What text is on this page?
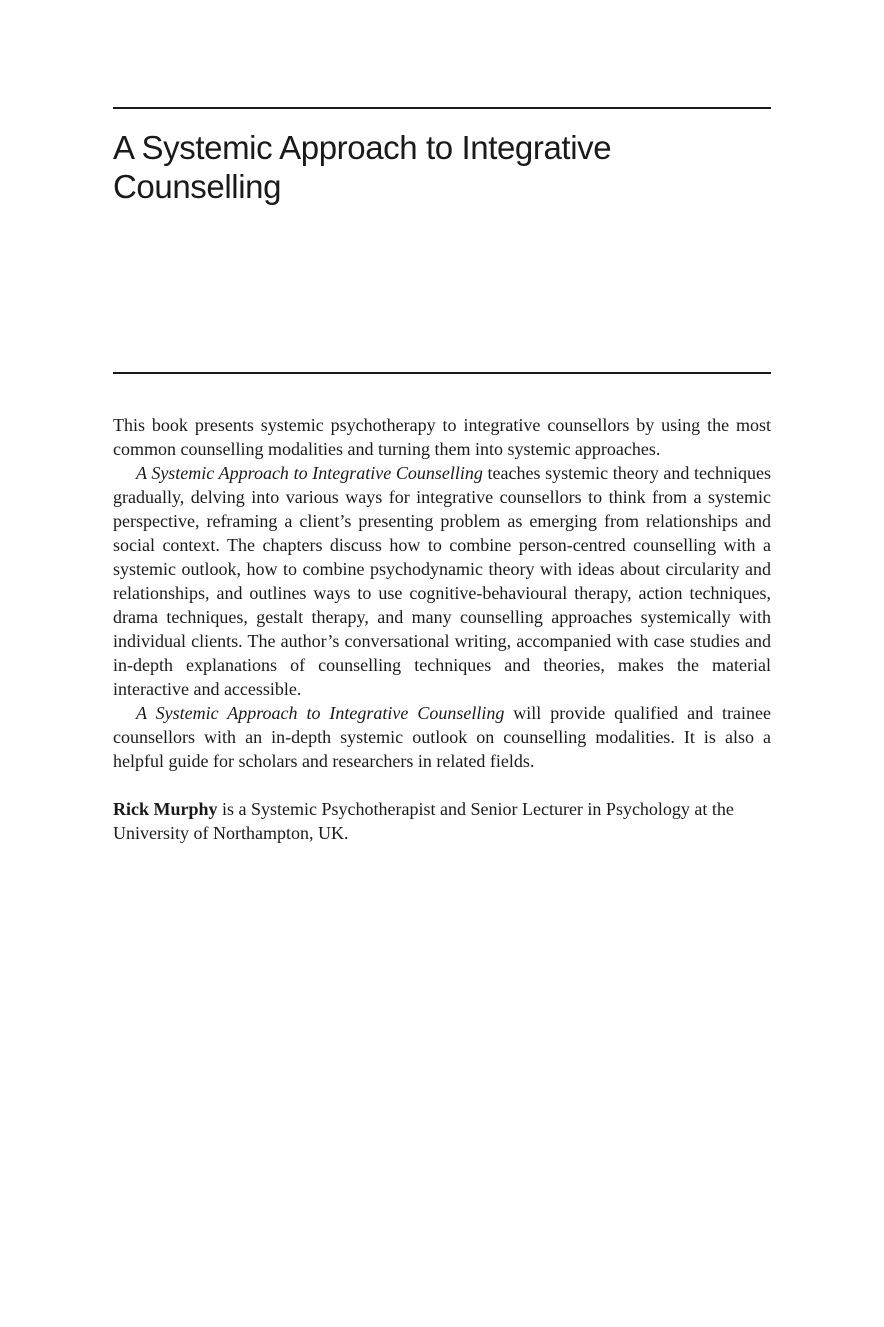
A Systemic Approach to Integrative Counselling

This book presents systemic psychotherapy to integrative counsellors by using the most common counselling modalities and turning them into systemic approaches.

A Systemic Approach to Integrative Counselling teaches systemic theory and techniques gradually, delving into various ways for integrative counsellors to think from a systemic perspective, reframing a client’s presenting problem as emerging from relationships and social context. The chapters discuss how to combine person-centred counselling with a systemic outlook, how to combine psychodynamic theory with ideas about circularity and relationships, and outlines ways to use cognitive-behavioural therapy, action techniques, drama techniques, gestalt therapy, and many counselling approaches systemically with individual clients. The author’s conversational writing, accompanied with case studies and in-depth explanations of counselling techniques and theories, makes the material interactive and accessible.

A Systemic Approach to Integrative Counselling will provide qualified and trainee counsellors with an in-depth systemic outlook on counselling modalities. It is also a helpful guide for scholars and researchers in related fields.

Rick Murphy is a Systemic Psychotherapist and Senior Lecturer in Psychology at the University of Northampton, UK.
